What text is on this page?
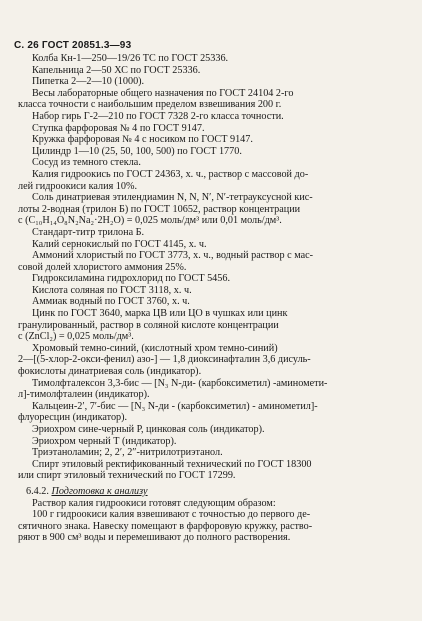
С. 26 ГОСТ 20851.3—93
Колба Кн-1—250—19/26 ТС по ГОСТ 25336.
Капельница 2—50 ХС по ГОСТ 25336.
Пипетка 2—2—10 (1000).
Весы лабораторные общего назначения по ГОСТ 24104 2-го
класса точности с наибольшим пределом взвешивания 200 г.
Набор гирь Г-2—210 по ГОСТ 7328 2-го класса точности.
Ступка фарфоровая № 4 по ГОСТ 9147.
Кружка фарфоровая № 4 с носиком по ГОСТ 9147.
Цилиндр 1—10 (25, 50, 100, 500) по ГОСТ 1770.
Сосуд из темного стекла.
Калия гидроокись по ГОСТ 24363, х. ч., раствор с массовой до-
лей гидроокиси калия 10%.
Соль динатриевая этилендиамин N, N, N′, N′-тетрауксусной кис-
лоты 2-водная (трилон Б) по ГОСТ 10652, раствор концентрации
с (C₁₀H₁₄O₈N₂Na₂·2H₂O) = 0,025 моль/дм³ или 0,01 моль/дм³.
Стандарт-титр трилона Б.
Калий сернокислый по ГОСТ 4145, х. ч.
Аммоний хлористый по ГОСТ 3773, х. ч., водный раствор с мас-
совой долей хлористого аммония 25%.
Гидроксиламина гидрохлорид по ГОСТ 5456.
Кислота соляная по ГОСТ 3118, х. ч.
Аммиак водный по ГОСТ 3760, х. ч.
Цинк по ГОСТ 3640, марка ЦВ или ЦО в чушках или цинк
гранулированный, раствор в соляной кислоте концентрации
с (ZnCl₂) = 0,025 моль/дм³.
Хромовый темно-синий, (кислотный хром темно-синий)
2—[(5-хлор-2-окси-фенил) азо-] — 1,8 диоксинафталин 3,6 дисуль-
фокислоты динатриевая соль (индикатор).
Тимолфталексон 3,3-бис — [N₃ N-ди- (карбоксиметил) -аминомети-
л]-тимолфталеин (индикатор).
Кальцеин-2′, 7′-бис — [N₃ N-ди - (карбоксиметил) - аминометил]-
флуоресцин (индикатор).
Эриохром сине-черный Р, цинковая соль (индикатор).
Эриохром черный Т (индикатор).
Триэтаноламин; 2, 2′, 2″-нитрилотриэтанол.
Спирт этиловый ректификованный технический по ГОСТ 18300
или спирт этиловый технический по ГОСТ 17299.
6.4.2. Подготовка к анализу
Раствор калия гидроокиси готовят следующим образом:
100 г гидроокиси калия взвешивают с точностью до первого де-
сятичного знака. Навеску помещают в фарфоровую кружку, раство-
ряют в 900 см³ воды и перемешивают до полного растворения.
